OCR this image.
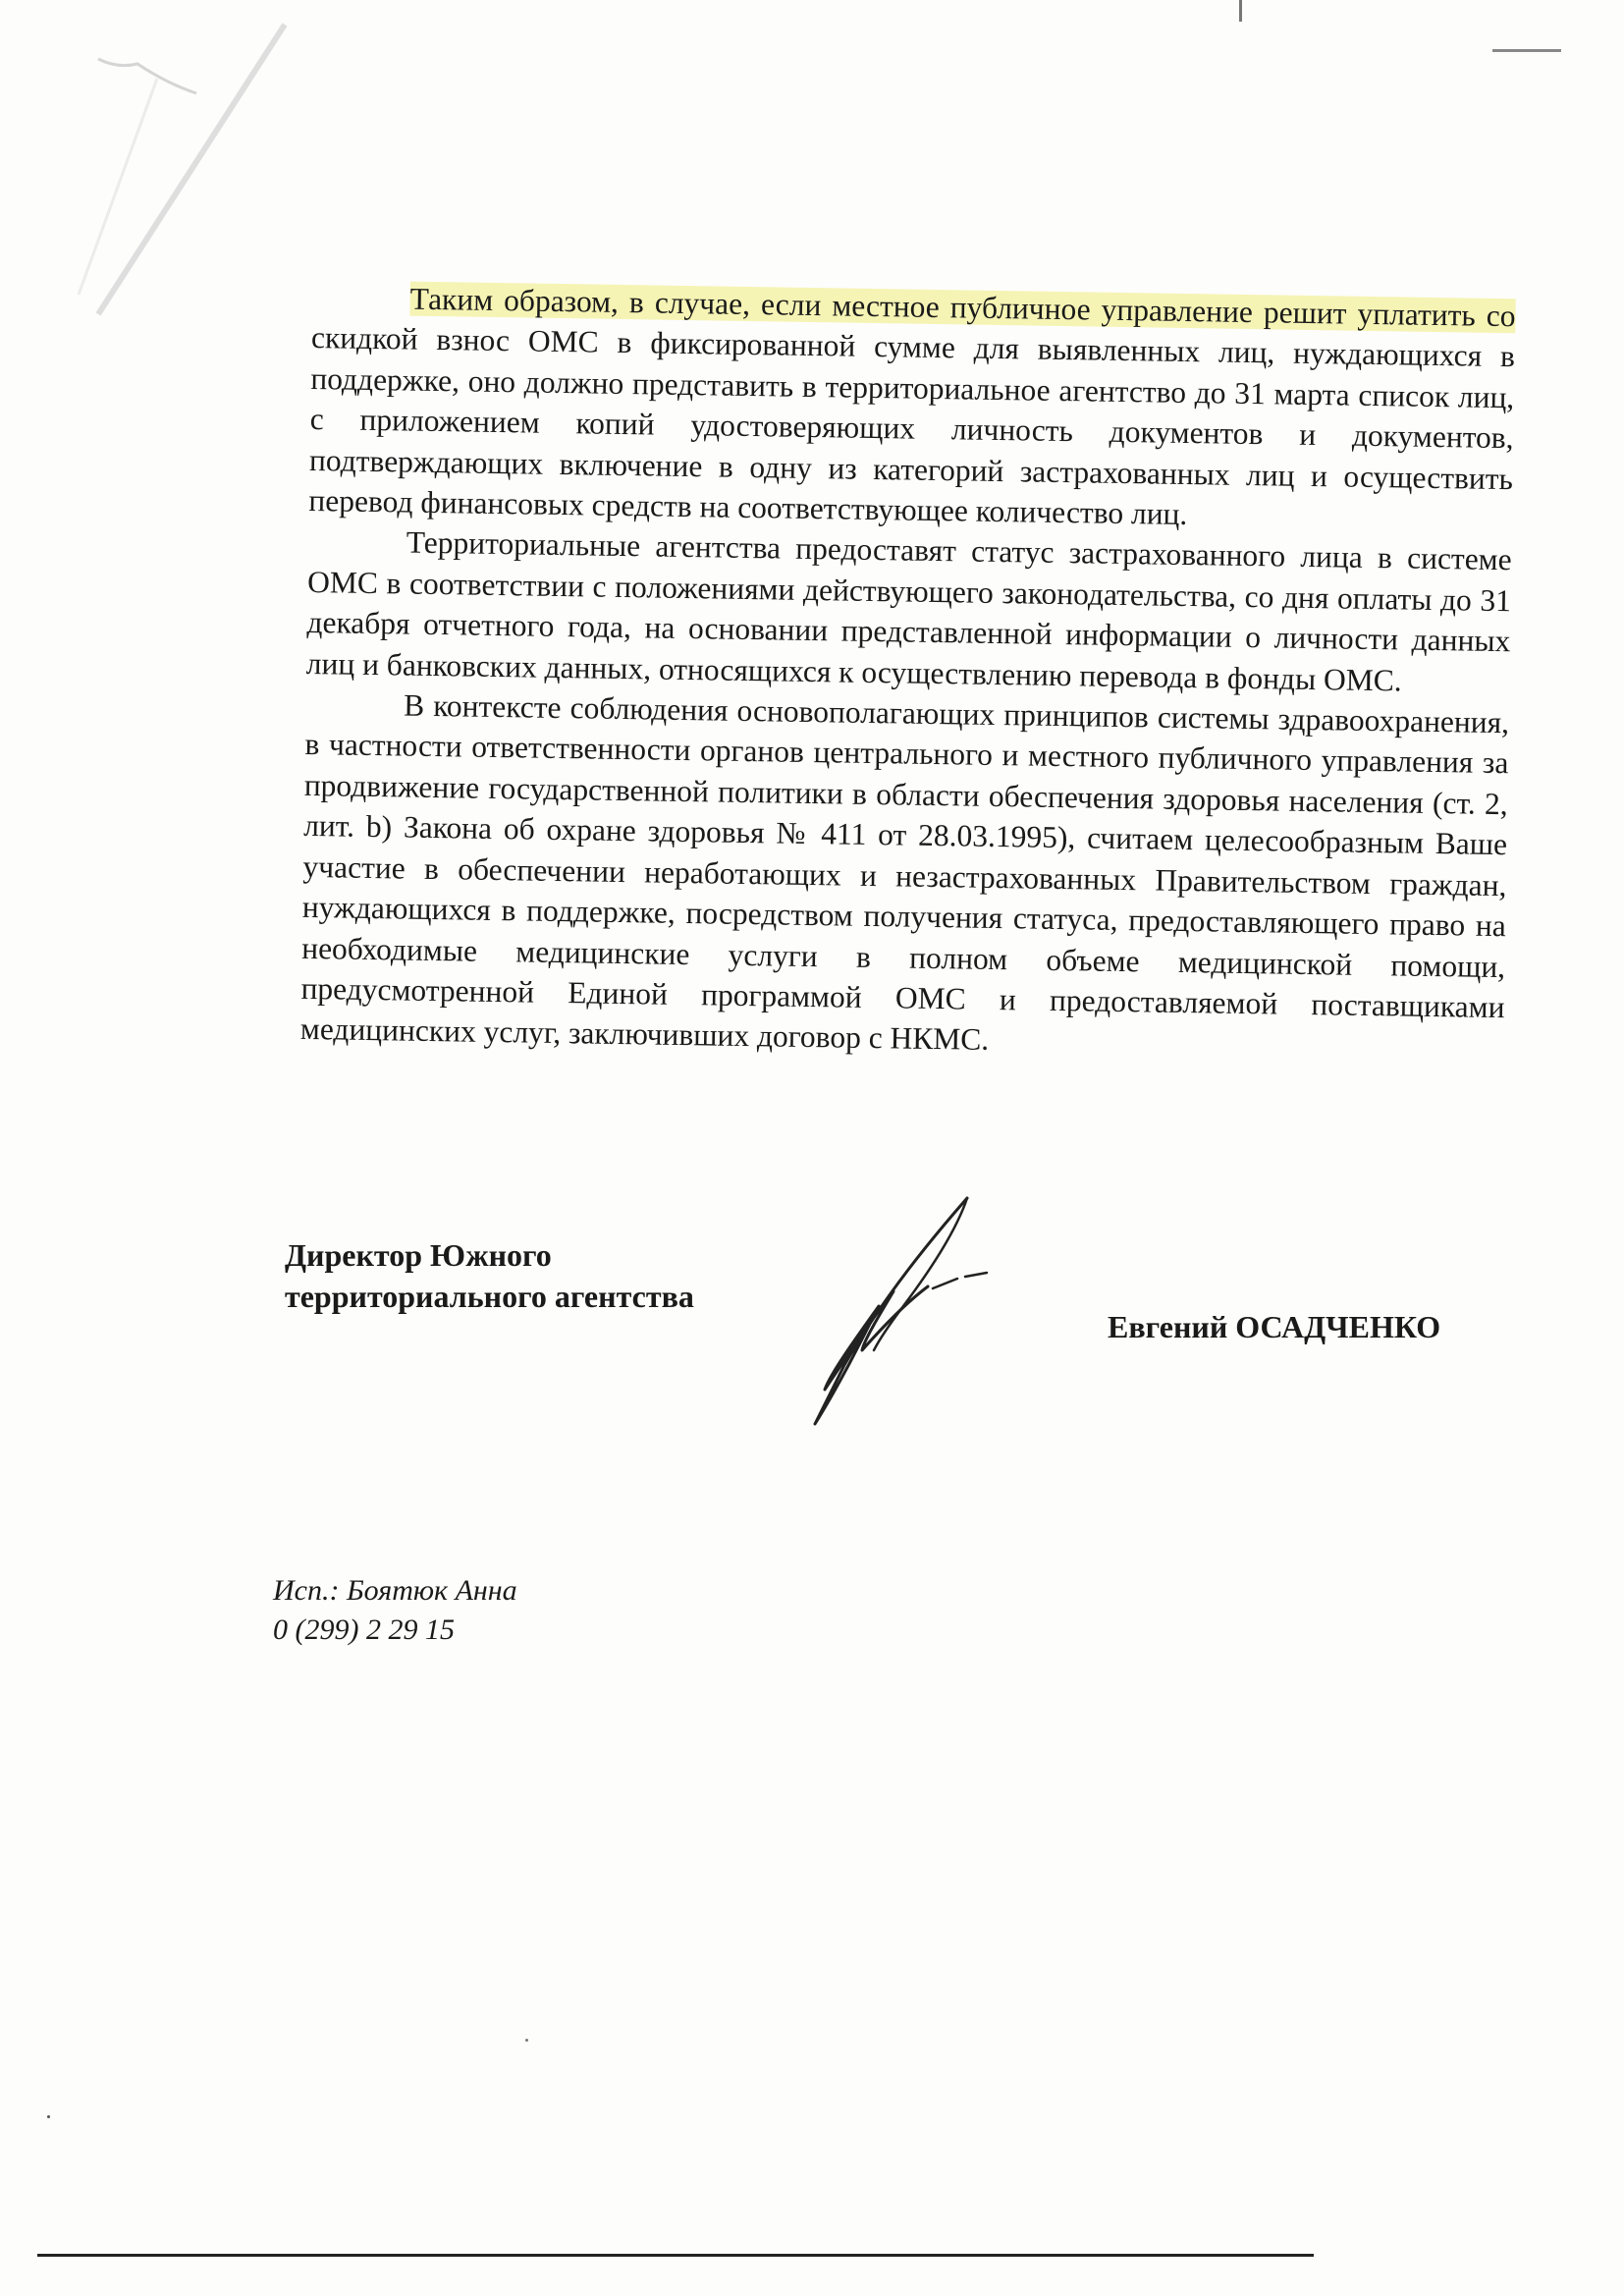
Таким образом, в случае, если местное публичное управление решит уплатить со скидкой взнос ОМС в фиксированной сумме для выявленных лиц, нуждающихся в поддержке, оно должно представить в территориальное агентство до 31 марта список лиц, с приложением копий удостоверяющих личность документов и документов, подтверждающих включение в одну из категорий застрахованных лиц и осуществить перевод финансовых средств на соответствующее количество лиц.

Территориальные агентства предоставят статус застрахованного лица в системе ОМС в соответствии с положениями действующего законодательства, со дня оплаты до 31 декабря отчетного года, на основании представленной информации о личности данных лиц и банковских данных, относящихся к осуществлению перевода в фонды ОМС.

В контексте соблюдения основополагающих принципов системы здравоохранения, в частности ответственности органов центрального и местного публичного управления за продвижение государственной политики в области обеспечения здоровья населения (ст. 2, лит. b) Закона об охране здоровья № 411 от 28.03.1995), считаем целесообразным Ваше участие в обеспечении неработающих и незастрахованных Правительством граждан, нуждающихся в поддержке, посредством получения статуса, предоставляющего право на необходимые медицинские услуги в полном объеме медицинской помощи, предусмотренной Единой программой ОМС и предоставляемой поставщиками медицинских услуг, заключивших договор с НКМС.

Директор Южного
территориального агентства
Евгений ОСАДЧЕНКО
Исп.: Боятюк Анна
0 (299) 2 29 15
